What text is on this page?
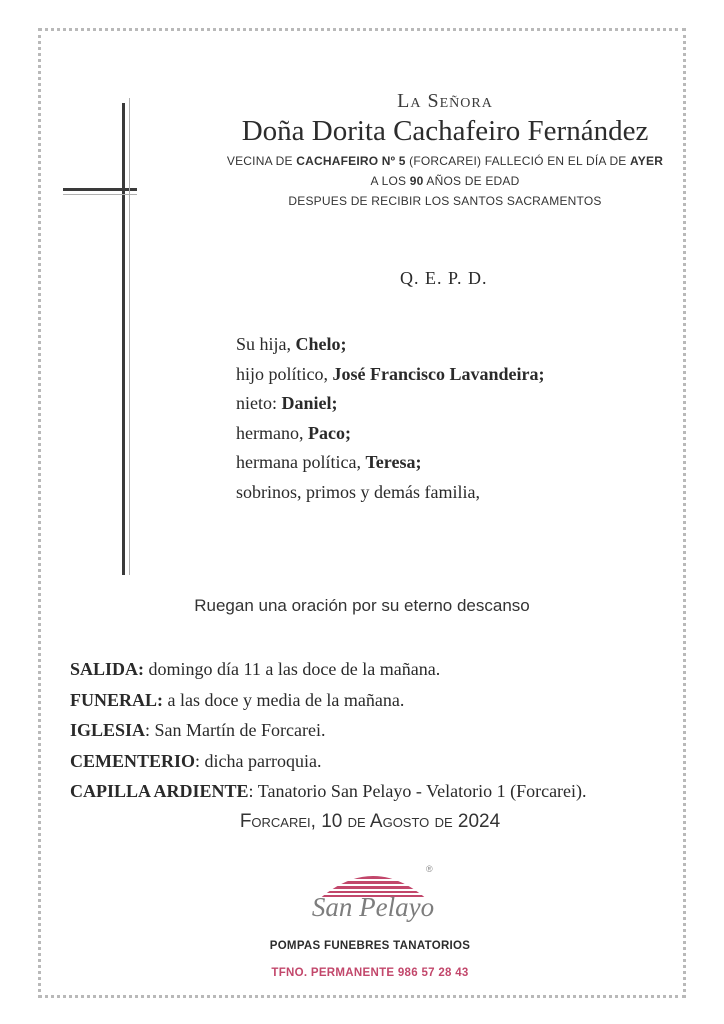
La Señora
Doña Dorita Cachafeiro Fernández
VECINA DE CACHAFEIRO Nº 5 (FORCAREI) FALLECIÓ EN EL DÍA DE AYER
A LOS 90 AÑOS DE EDAD
DESPUES DE RECIBIR LOS SANTOS SACRAMENTOS
Q. E. P. D.
Su hija, Chelo;
hijo político, José Francisco Lavandeira;
nieto: Daniel;
hermano, Paco;
hermana política, Teresa;
sobrinos, primos y demás familia,
Ruegan una oración por su eterno descanso
SALIDA: domingo día 11 a las doce de la mañana.
FUNERAL: a las doce y media de la mañana.
IGLESIA: San Martín de Forcarei.
CEMENTERIO: dicha parroquia.
CAPILLA ARDIENTE: Tanatorio San Pelayo - Velatorio 1 (Forcarei).
Forcarei, 10 de Agosto de 2024
®
San Pelayo
POMPAS FUNEBRES TANATORIOS
TFNO. PERMANENTE 986 57 28 43
